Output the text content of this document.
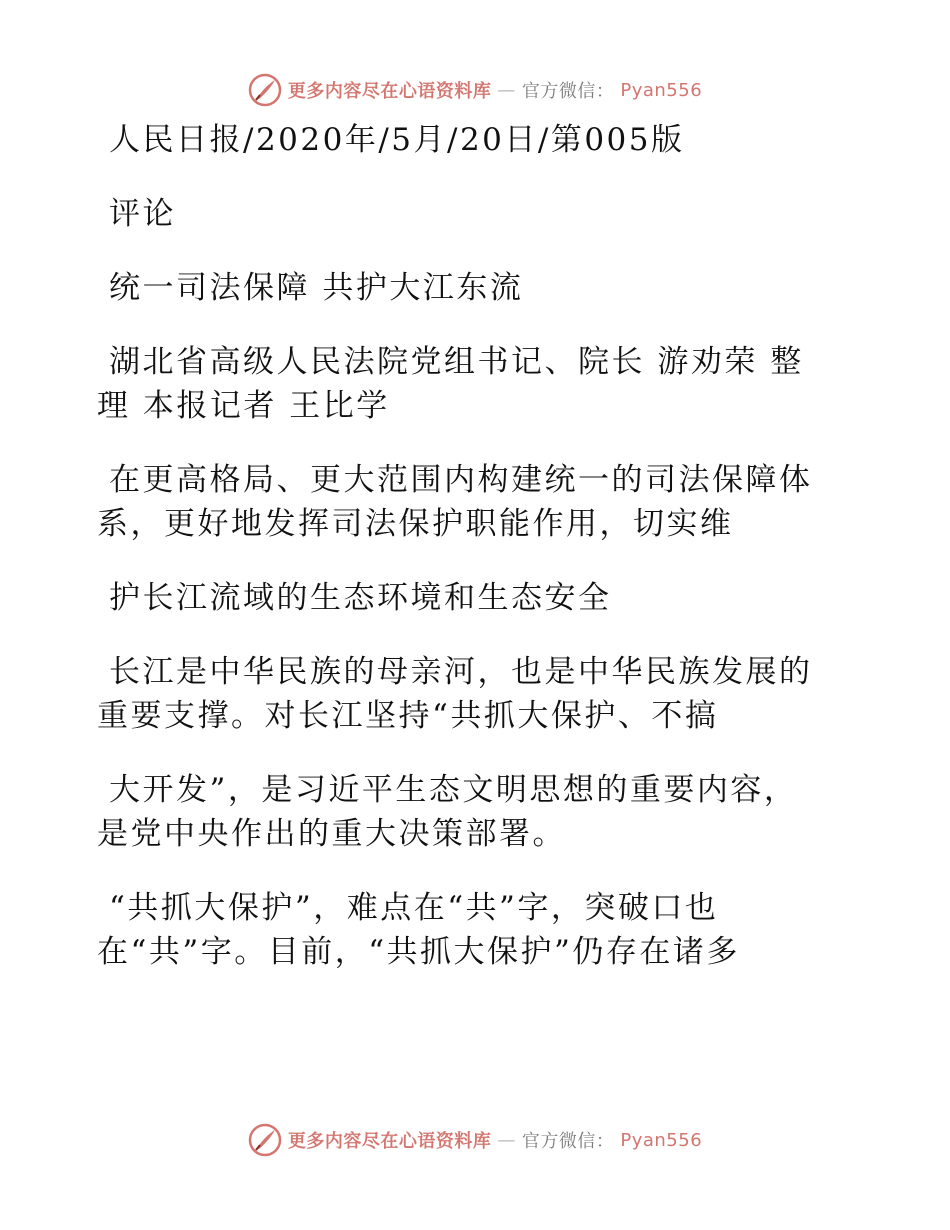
更多内容尽在心语资料库 — 官方微信： Pyan556

人民日报/2020年/5月/20日/第005版

评论

统一司法保障 共护大江东流

湖北省高级人民法院党组书记、院长 游劝荣 整

理 本报记者 王比学

在更高格局、更大范围内构建统一的司法保障体

系，更好地发挥司法保护职能作用，切实维

护长江流域的生态环境和生态安全

长江是中华民族的母亲河，也是中华民族发展的

重要支撑。对长江坚持“共抓大保护、不搞

大开发”，是习近平生态文明思想的重要内容，

是党中央作出的重大决策部署。

“共抓大保护”，难点在“共”字，突破口也

在“共”字。目前，“共抓大保护”仍存在诸多

更多内容尽在心语资料库 — 官方微信： Pyan556
